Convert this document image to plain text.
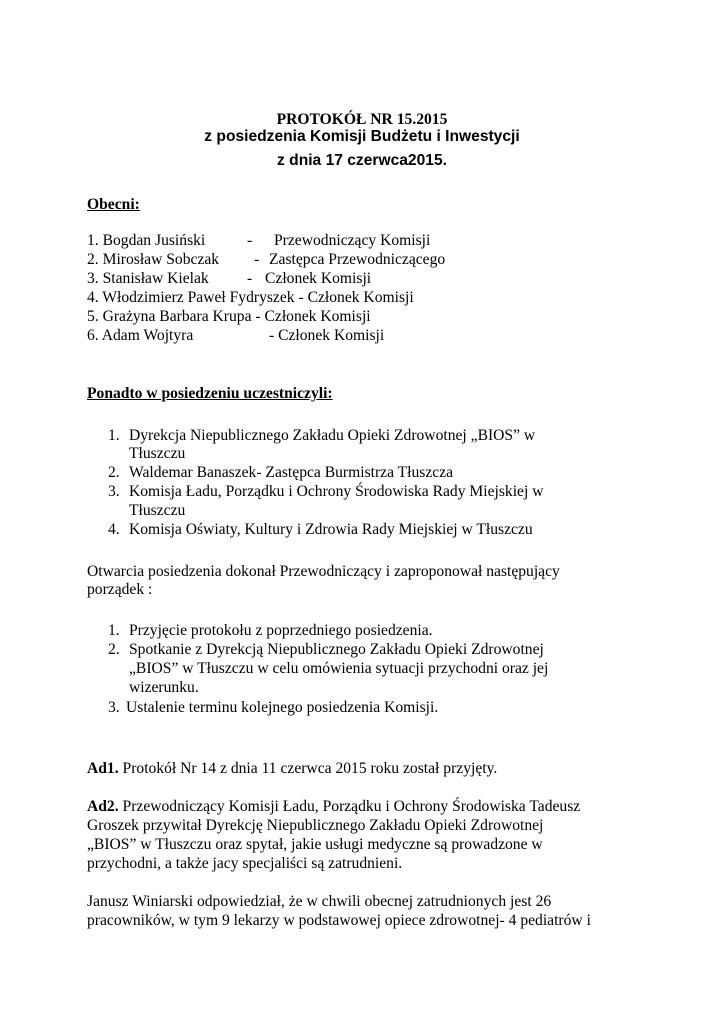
PROTOKÓŁ NR 15.2015
z posiedzenia Komisji Budżetu i Inwestycji
z dnia 17 czerwca2015.
Obecni:
1. Bogdan Jusiński	- Przewodniczący Komisji
2. Mirosław Sobczak - Zastępca Przewodniczącego
3. Stanisław Kielak - Członek Komisji
4. Włodzimierz Paweł Fydryszek - Członek Komisji
5. Grażyna Barbara Krupa - Członek Komisji
6. Adam Wojtyra	- Członek Komisji
Ponadto w posiedzeniu uczestniczyli:
1. Dyrekcja Niepublicznego Zakładu Opieki Zdrowotnej „BIOS” w
Tłuszczu
2. Waldemar Banaszek- Zastępca Burmistrza Tłuszcza
3. Komisja Ładu, Porządku i Ochrony Środowiska Rady Miejskiej w
Tłuszczu
4. Komisja Oświaty, Kultury i Zdrowia Rady Miejskiej w Tłuszczu
Otwarcia posiedzenia dokonał Przewodniczący i zaproponował następujący
porządek :
1. Przyjęcie protokołu z poprzedniego posiedzenia.
2. Spotkanie z Dyrekcją Niepublicznego Zakładu Opieki Zdrowotnej
„BIOS” w Tłuszczu w celu omówienia sytuacji przychodni oraz jej
wizerunku.
3. Ustalenie terminu kolejnego posiedzenia Komisji.
Ad1. Protokół Nr 14 z dnia 11 czerwca 2015 roku został przyjęty.
Ad2. Przewodniczący Komisji Ładu, Porządku i Ochrony Środowiska Tadeusz
Groszek przywitał Dyrekcję Niepublicznego Zakładu Opieki Zdrowotnej
„BIOS” w Tłuszczu oraz spytał, jakie usługi medyczne są prowadzone w
przychodni, a także jacy specjaliści są zatrudnieni.
Janusz Winiarski odpowiedział, że w chwili obecnej zatrudnionych jest 26
pracowników, w tym 9 lekarzy w podstawowej opiece zdrowotnej- 4 pediatrów i
